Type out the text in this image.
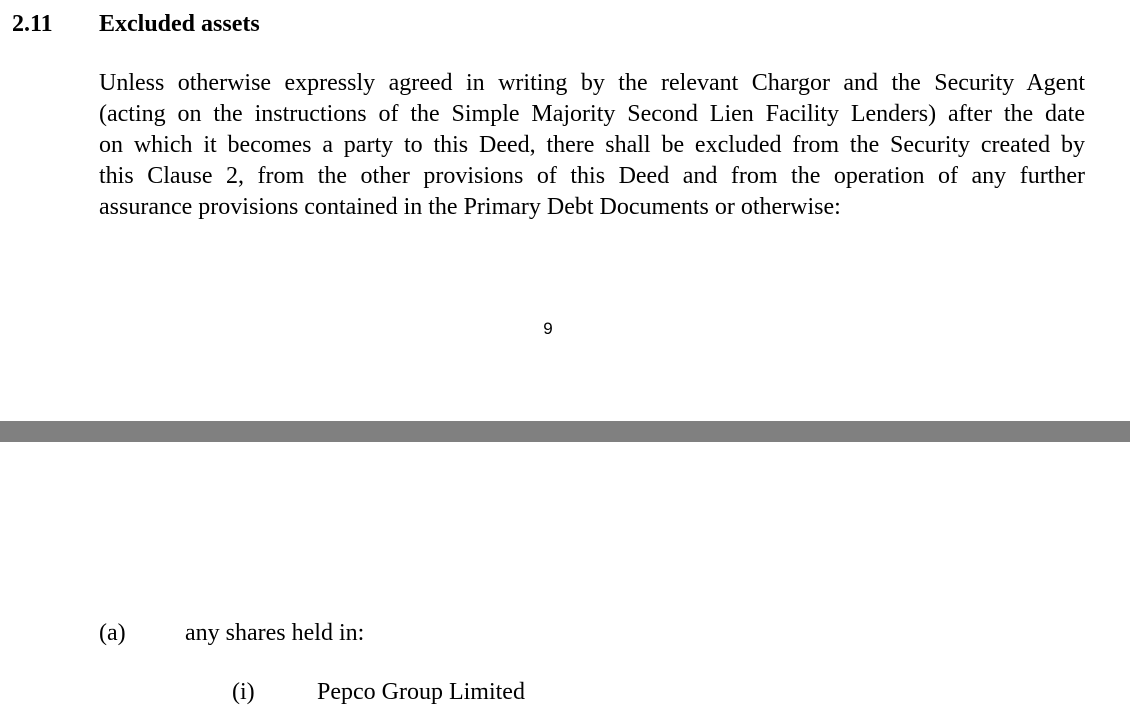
2.11 Excluded assets
Unless otherwise expressly agreed in writing by the relevant Chargor and the Security Agent
(acting on the instructions of the Simple Majority Second Lien Facility Lenders) after the date
on which it becomes a party to this Deed, there shall be excluded from the Security created by
this Clause 2, from the other provisions of this Deed and from the operation of any further
assurance provisions contained in the Primary Debt Documents or otherwise:
9
(a) any shares held in:
(i)	Pepco Group Limited
